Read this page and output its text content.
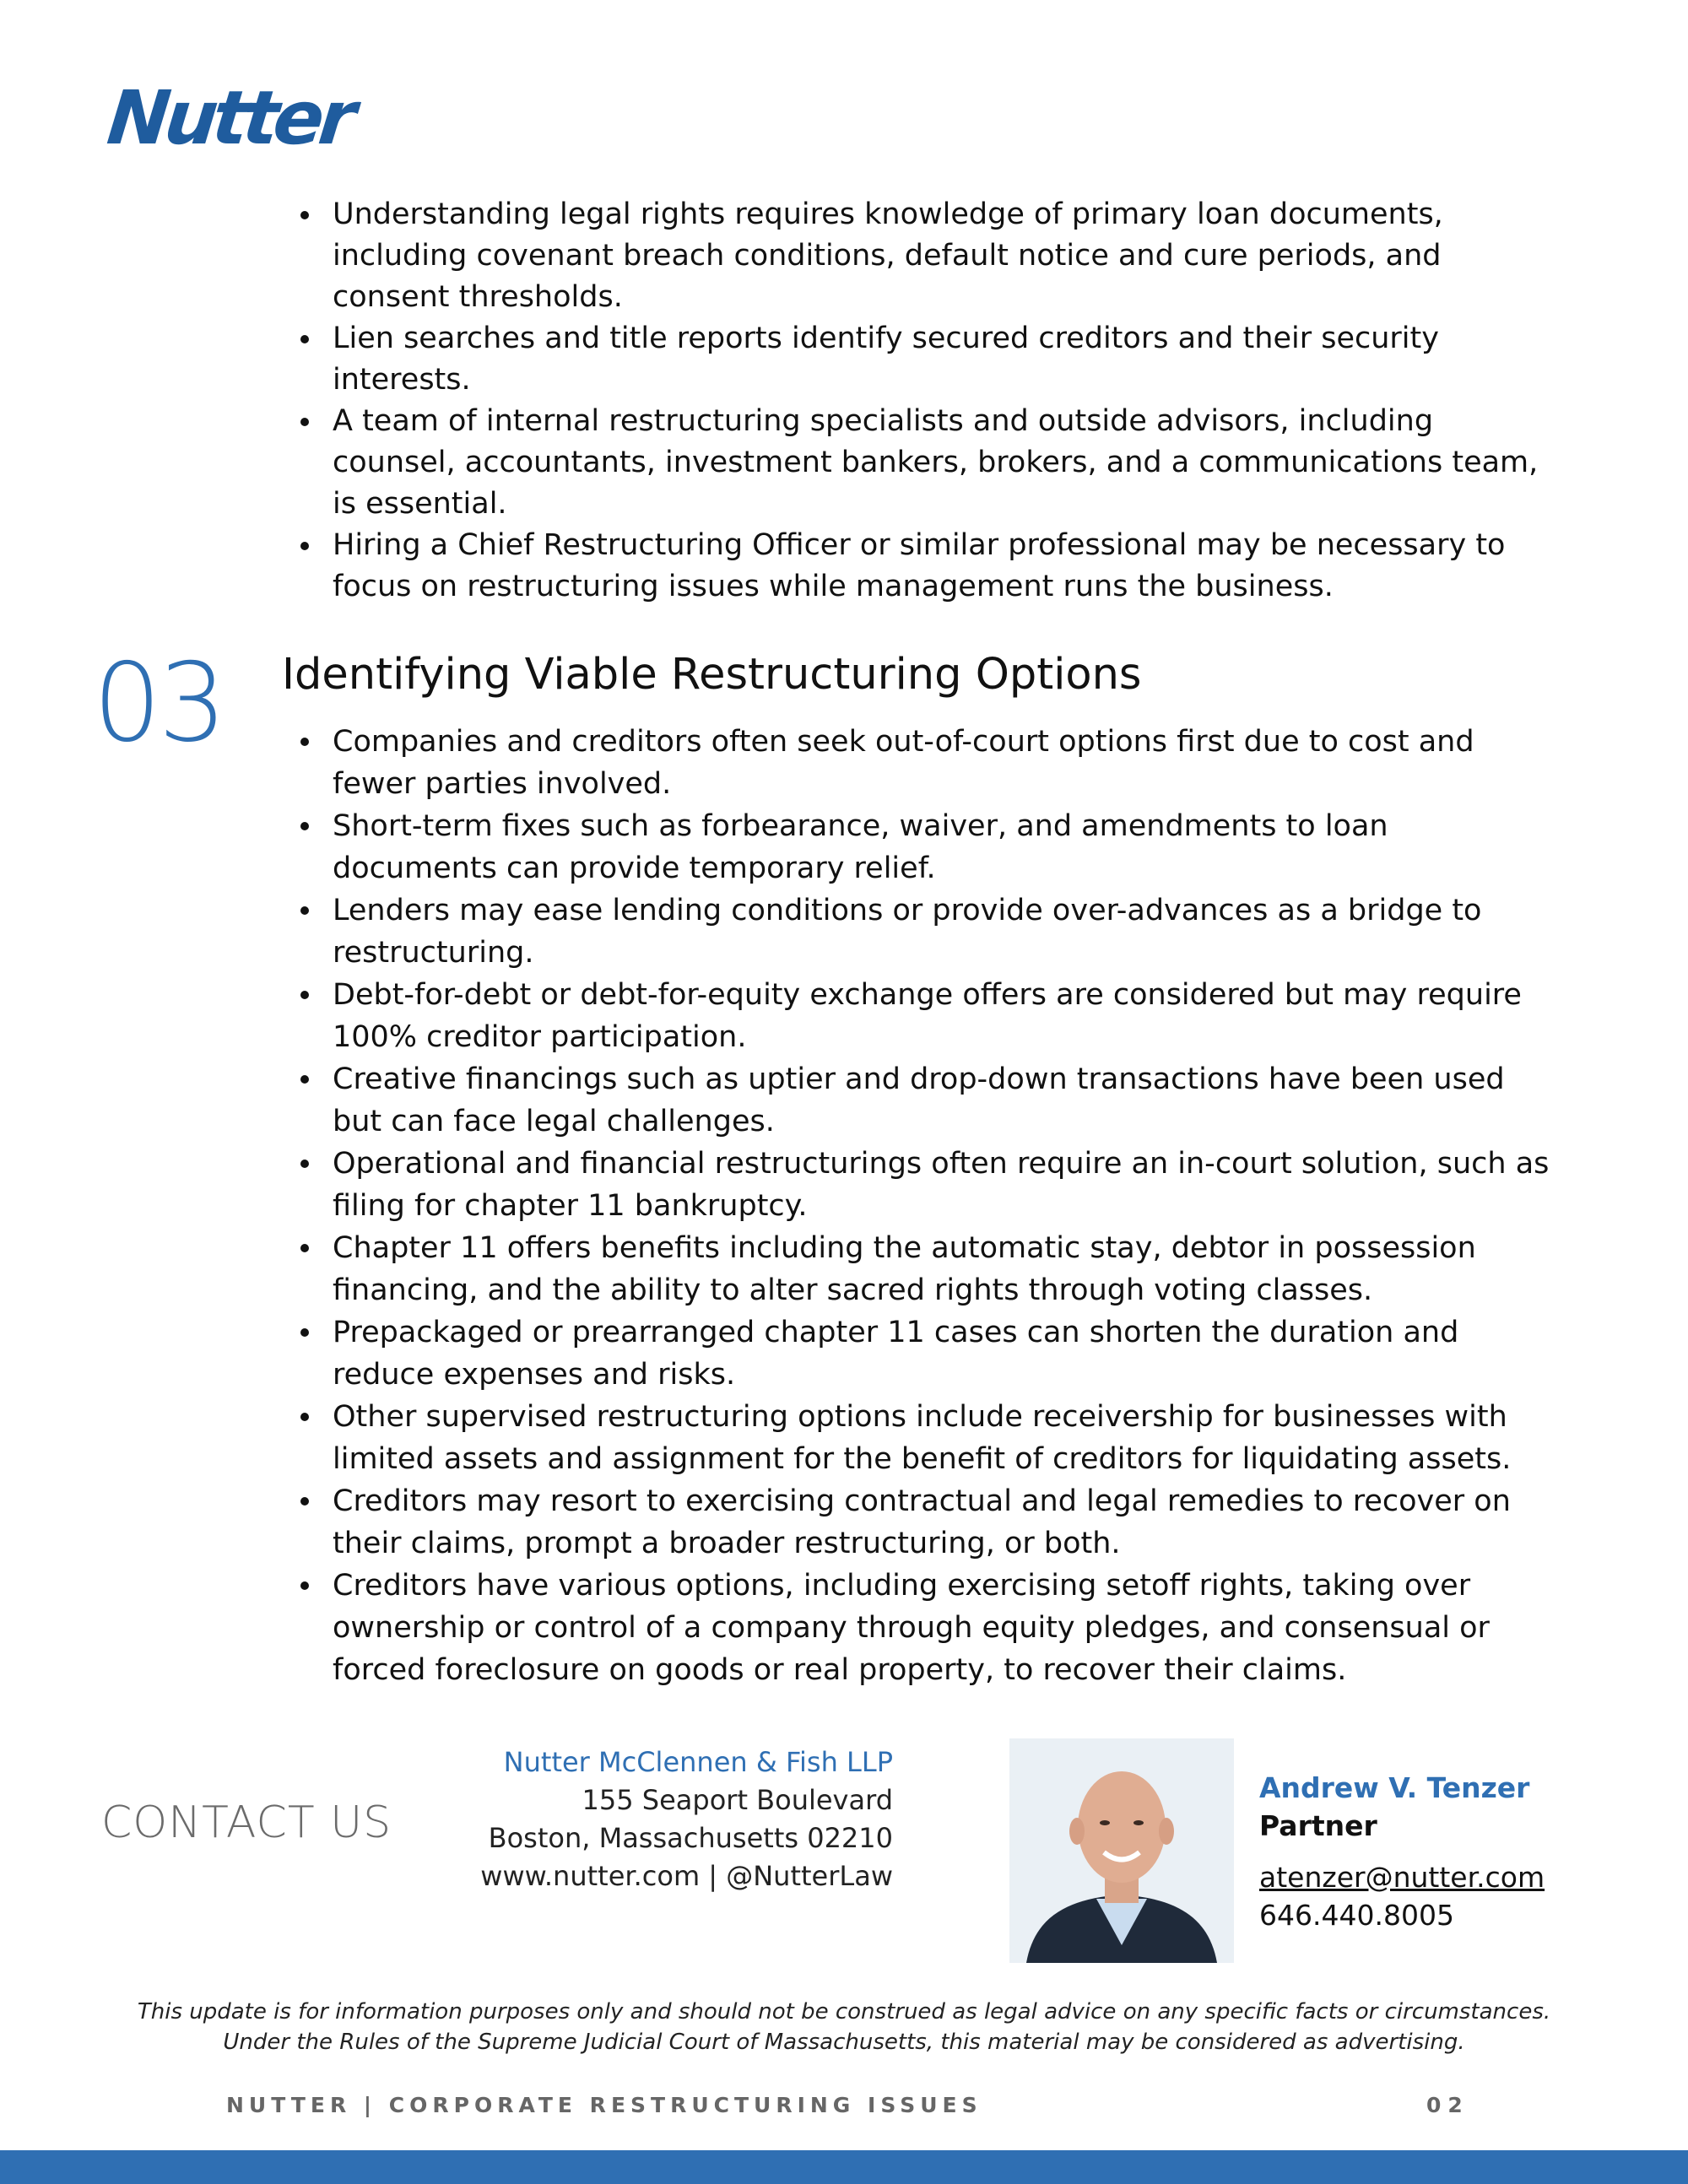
Nutter
Understanding legal rights requires knowledge of primary loan documents, including covenant breach conditions, default notice and cure periods, and consent thresholds.
Lien searches and title reports identify secured creditors and their security interests.
A team of internal restructuring specialists and outside advisors, including counsel, accountants, investment bankers, brokers, and a communications team, is essential.
Hiring a Chief Restructuring Officer or similar professional may be necessary to focus on restructuring issues while management runs the business.
03 Identifying Viable Restructuring Options
Companies and creditors often seek out-of-court options first due to cost and fewer parties involved.
Short-term fixes such as forbearance, waiver, and amendments to loan documents can provide temporary relief.
Lenders may ease lending conditions or provide over-advances as a bridge to restructuring.
Debt-for-debt or debt-for-equity exchange offers are considered but may require 100% creditor participation.
Creative financings such as uptier and drop-down transactions have been used but can face legal challenges.
Operational and financial restructurings often require an in-court solution, such as filing for chapter 11 bankruptcy.
Chapter 11 offers benefits including the automatic stay, debtor in possession financing, and the ability to alter sacred rights through voting classes.
Prepackaged or prearranged chapter 11 cases can shorten the duration and reduce expenses and risks.
Other supervised restructuring options include receivership for businesses with limited assets and assignment for the benefit of creditors for liquidating assets.
Creditors may resort to exercising contractual and legal remedies to recover on their claims, prompt a broader restructuring, or both.
Creditors have various options, including exercising setoff rights, taking over ownership or control of a company through equity pledges, and consensual or forced foreclosure on goods or real property, to recover their claims.
CONTACT US
Nutter McClennen & Fish LLP
155 Seaport Boulevard
Boston, Massachusetts 02210
www.nutter.com | @NutterLaw
Andrew V. Tenzer
Partner
atenzer@nutter.com
646.440.8005
This update is for information purposes only and should not be construed as legal advice on any specific facts or circumstances.
Under the Rules of the Supreme Judicial Court of Massachusetts, this material may be considered as advertising.
NUTTER | CORPORATE RESTRUCTURING ISSUES	02
